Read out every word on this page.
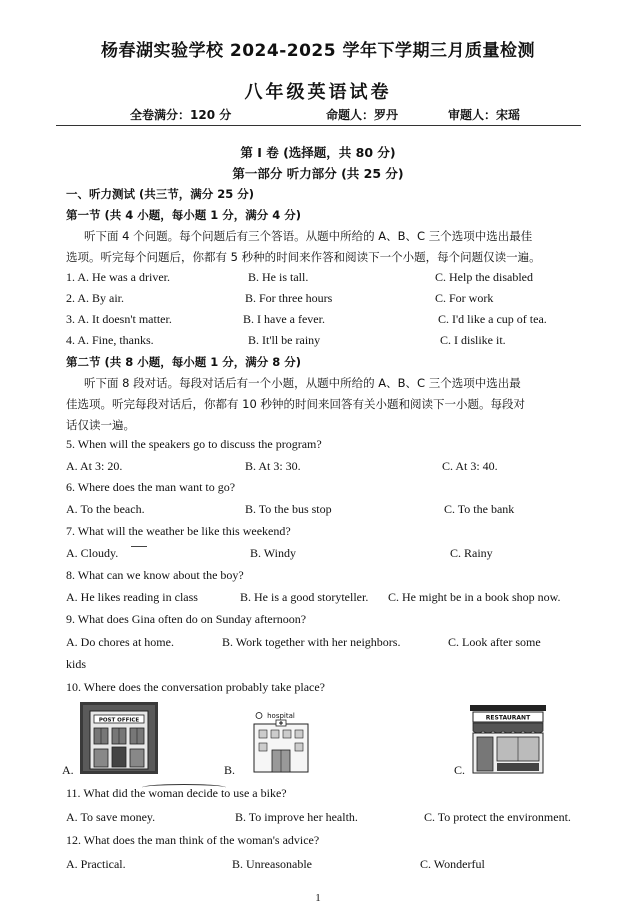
杨春湖实验学校 2024-2025 学年下学期三月质量检测
八年级英语试卷
全卷满分：120 分	命题人：罗丹	审题人：宋瑶
第 I 卷 (选择题，共 80 分)
第一部分 听力部分 (共 25 分)
一、听力测试 (共三节，满分 25 分)
第一节 (共 4 小题，每小题 1 分，满分 4 分)
听下面 4 个问题。每个问题后有三个答语。从题中所给的 A、B、C 三个选项中选出最佳
选项。听完每个问题后，你都有 5 秒种的时间来作答和阅读下一个小题，每个问题仅读一遍。
1. A. He was a driver.	B. He is tall.	C. Help the disabled
2. A. By air.	B. For three hours	C. For work
3. A. It doesn't matter.	B. I have a fever.	C. I'd like a cup of tea.
4. A. Fine, thanks.	B. It'll be rainy	C. I dislike it.
第二节 (共 8 小题，每小题 1 分，满分 8 分)
听下面 8 段对话。每段对话后有一个小题，从题中所给的 A、B、C 三个选项中选出最
佳选项。听完每段对话后，你都有 10 秒钟的时间来回答有关小题和阅读下一小题。每段对
话仅读一遍。
5. When will the speakers go to discuss the program?
A. At 3: 20.	B. At 3: 30.	C. At 3: 40.
6. Where does the man want to go?
A. To the beach.	B. To the bus stop	C. To the bank
7. What will the weather be like this weekend?
A. Cloudy.	B. Windy	C. Rainy
8. What can we know about the boy?
A. He likes reading in class	B. He is a good storyteller. C. He might be in a book shop now.
9. What does Gina often do on Sunday afternoon?
A. Do chores at home.	B. Work together with her neighbors.	C. Look after some
kids
10. Where does the conversation probably take place?
POST OFFICE
A.
hospital
B.
RESTAURANT
C.
11. What did the woman decide to use a bike?
A. To save money.	B. To improve her health.	C. To protect the environment.
12. What does the man think of the woman's advice?
A. Practical.	B. Unreasonable	C. Wonderful
1
